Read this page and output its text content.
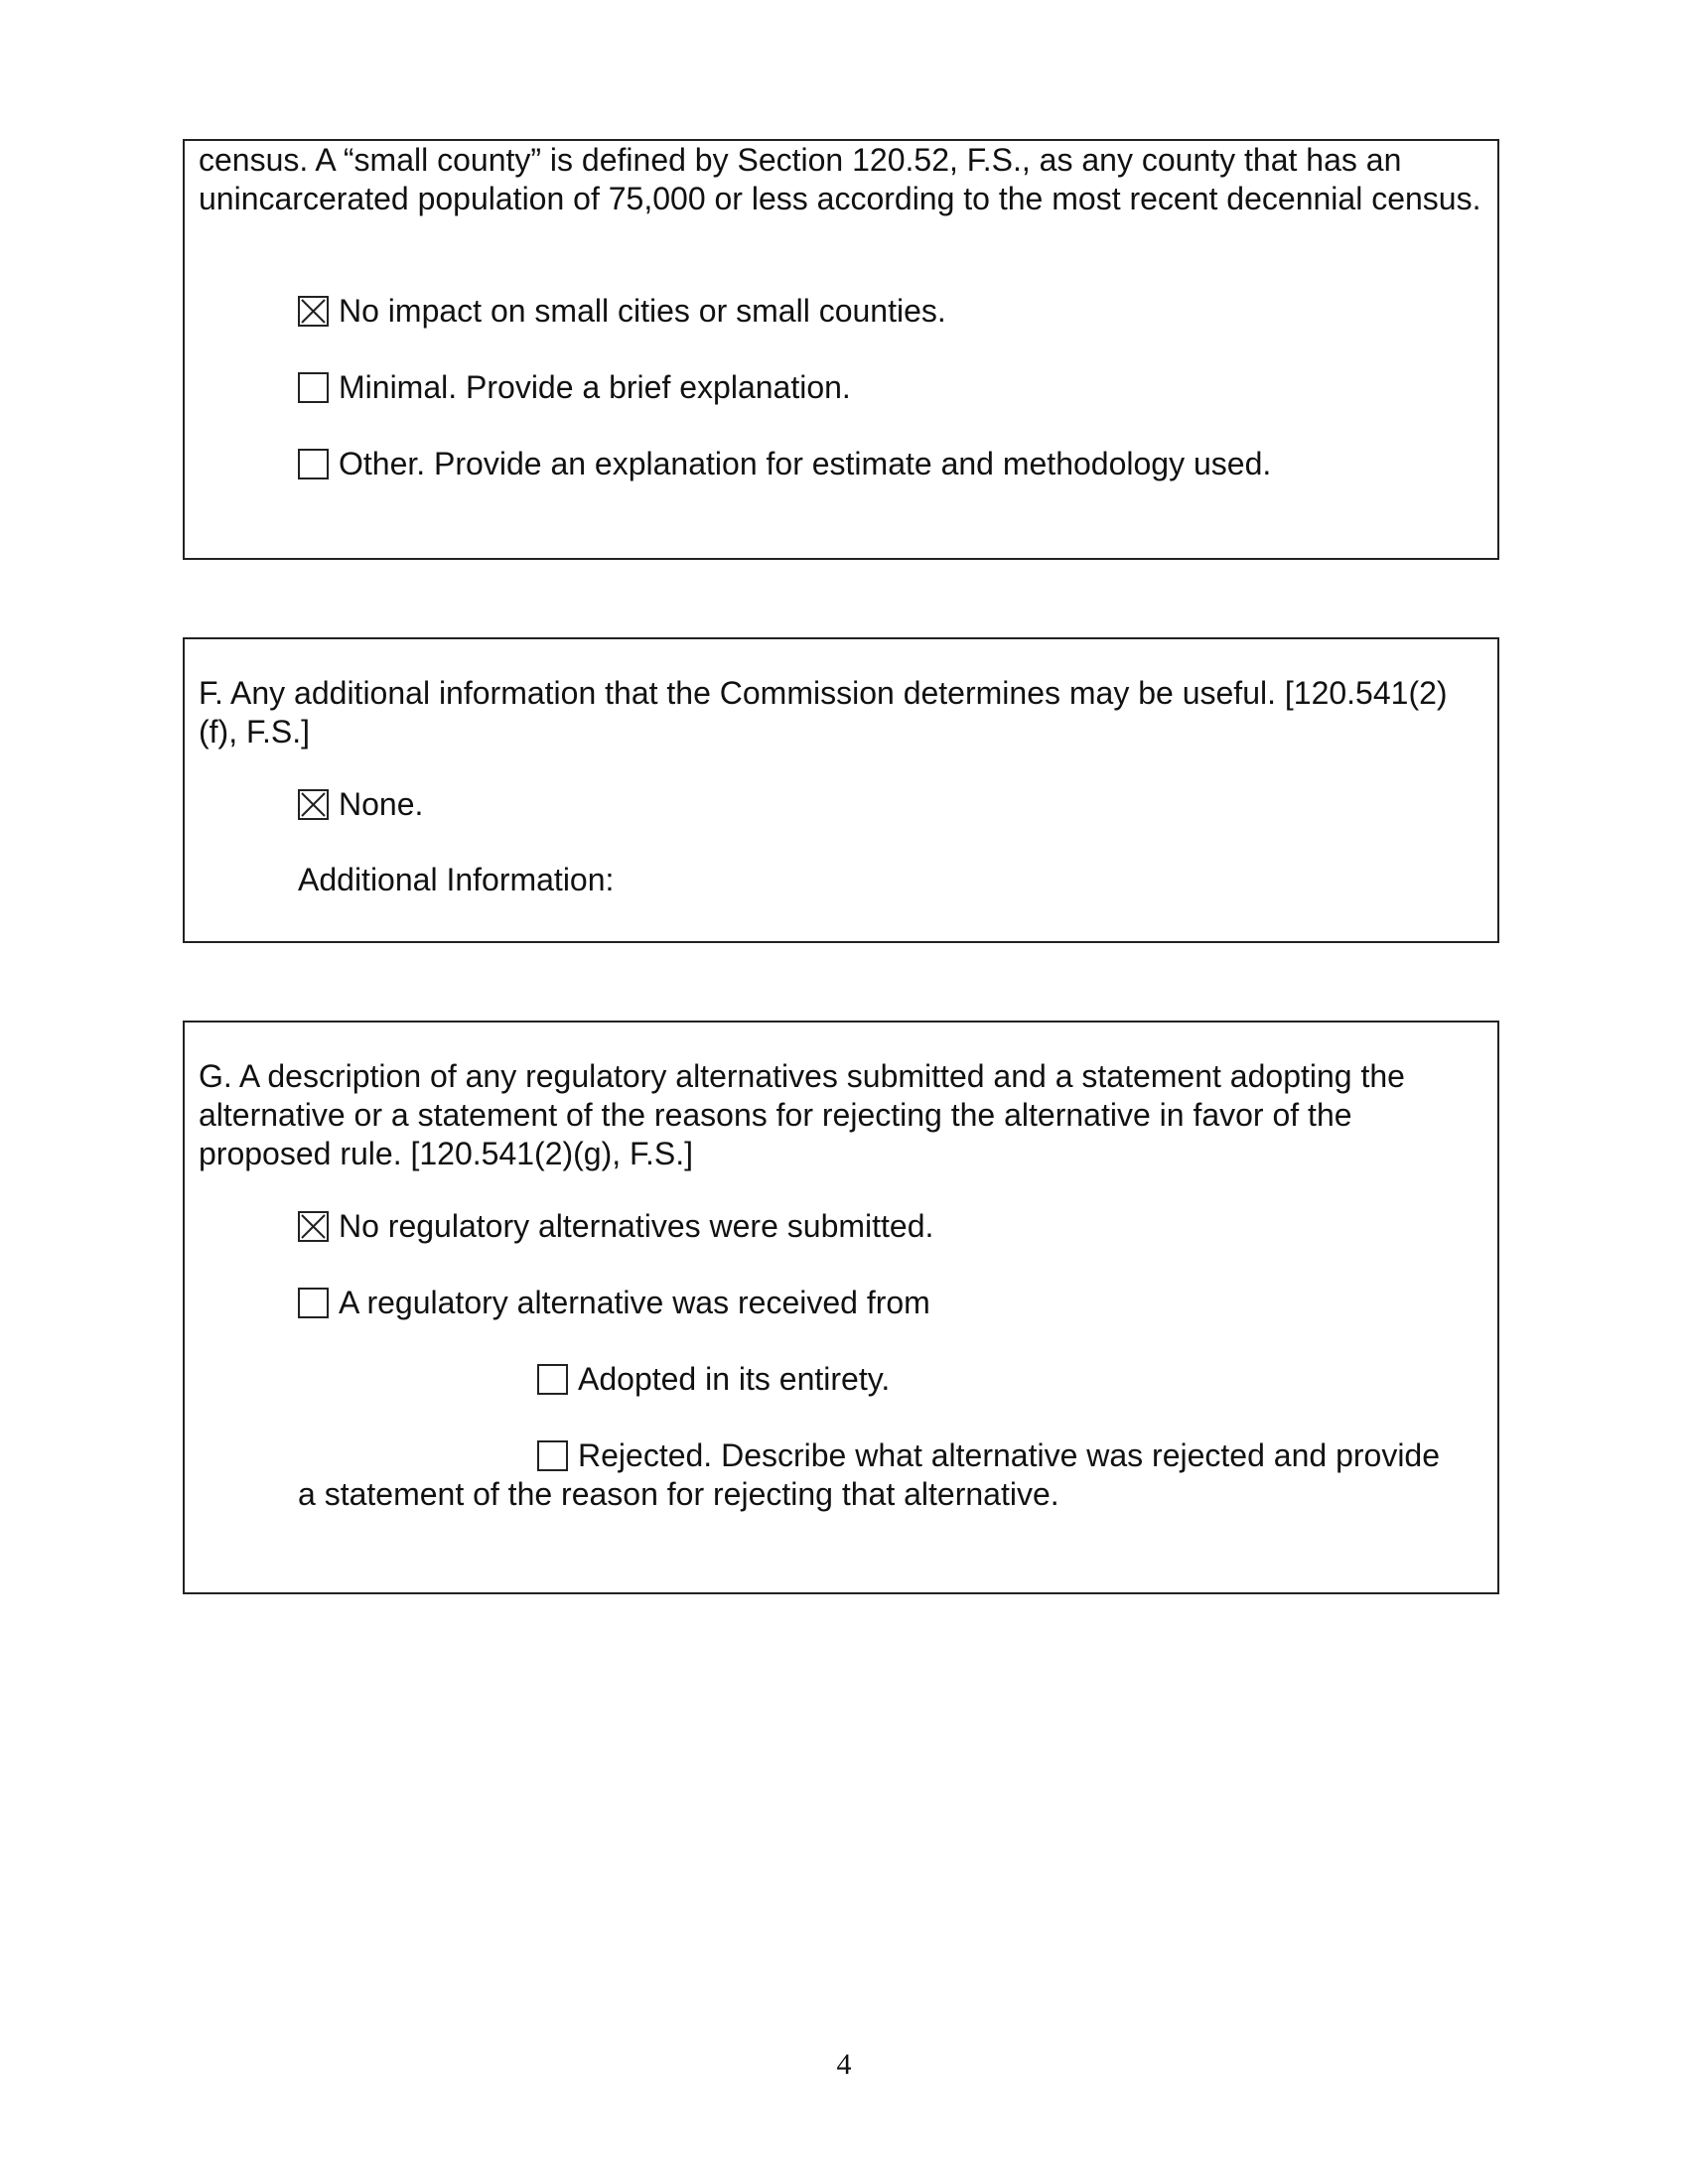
census. A “small county” is defined by Section 120.52, F.S., as any county that has an unincarcerated population of 75,000 or less according to the most recent decennial census.

No impact on small cities or small counties.
Minimal. Provide a brief explanation.
Other. Provide an explanation for estimate and methodology used.

F. Any additional information that the Commission determines may be useful. [120.541(2)(f), F.S.]

None.

Additional Information:

G. A description of any regulatory alternatives submitted and a statement adopting the alternative or a statement of the reasons for rejecting the alternative in favor of the proposed rule. [120.541(2)(g), F.S.]

No regulatory alternatives were submitted.
A regulatory alternative was received from
Adopted in its entirety.
Rejected. Describe what alternative was rejected and provide

a statement of the reason for rejecting that alternative.

4
